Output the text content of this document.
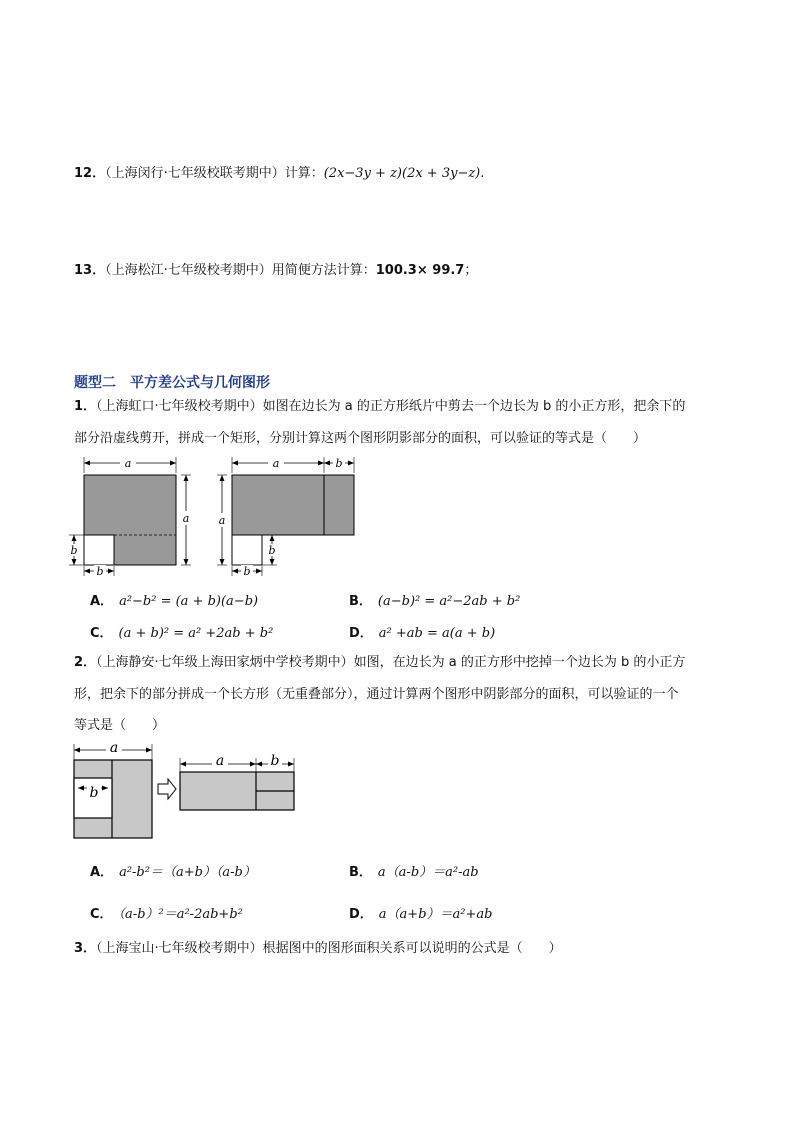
12．（上海闵行·七年级校联考期中）计算：(2x−3y + z)(2x + 3y−z).
13．（上海松江·七年级校考期中）用简便方法计算：100.3× 99.7；
题型二　平方差公式与几何图形
1．（上海虹口·七年级校考期中）如图在边长为 a 的正方形纸片中剪去一个边长为 b 的小正方形，把余下的
部分沿虚线剪开，拼成一个矩形，分别计算这两个图形阴影部分的面积，可以验证的等式是（　　）
a
b
b
a	a
a	b
b
b
A． a²−b² = (a + b)(a−b)	B． (a−b)² = a²−2ab + b²
C． (a + b)² = a² +2ab + b²	D． a² +ab = a(a + b)
2．（上海静安·七年级上海田家炳中学校考期中）如图，在边长为 a 的正方形中挖掉一个边长为 b 的小正方
形，把余下的部分拼成一个长方形（无重叠部分），通过计算两个图形中阴影部分的面积，可以验证的一个
等式是（　　）
a
b
a	b
A． a²-b²＝（a+b）（a-b）	B． a（a-b）＝a²-ab
C． （a-b）²＝a²-2ab+b²	D． a（a+b）＝a²+ab
3．（上海宝山·七年级校考期中）根据图中的图形面积关系可以说明的公式是（　　）
